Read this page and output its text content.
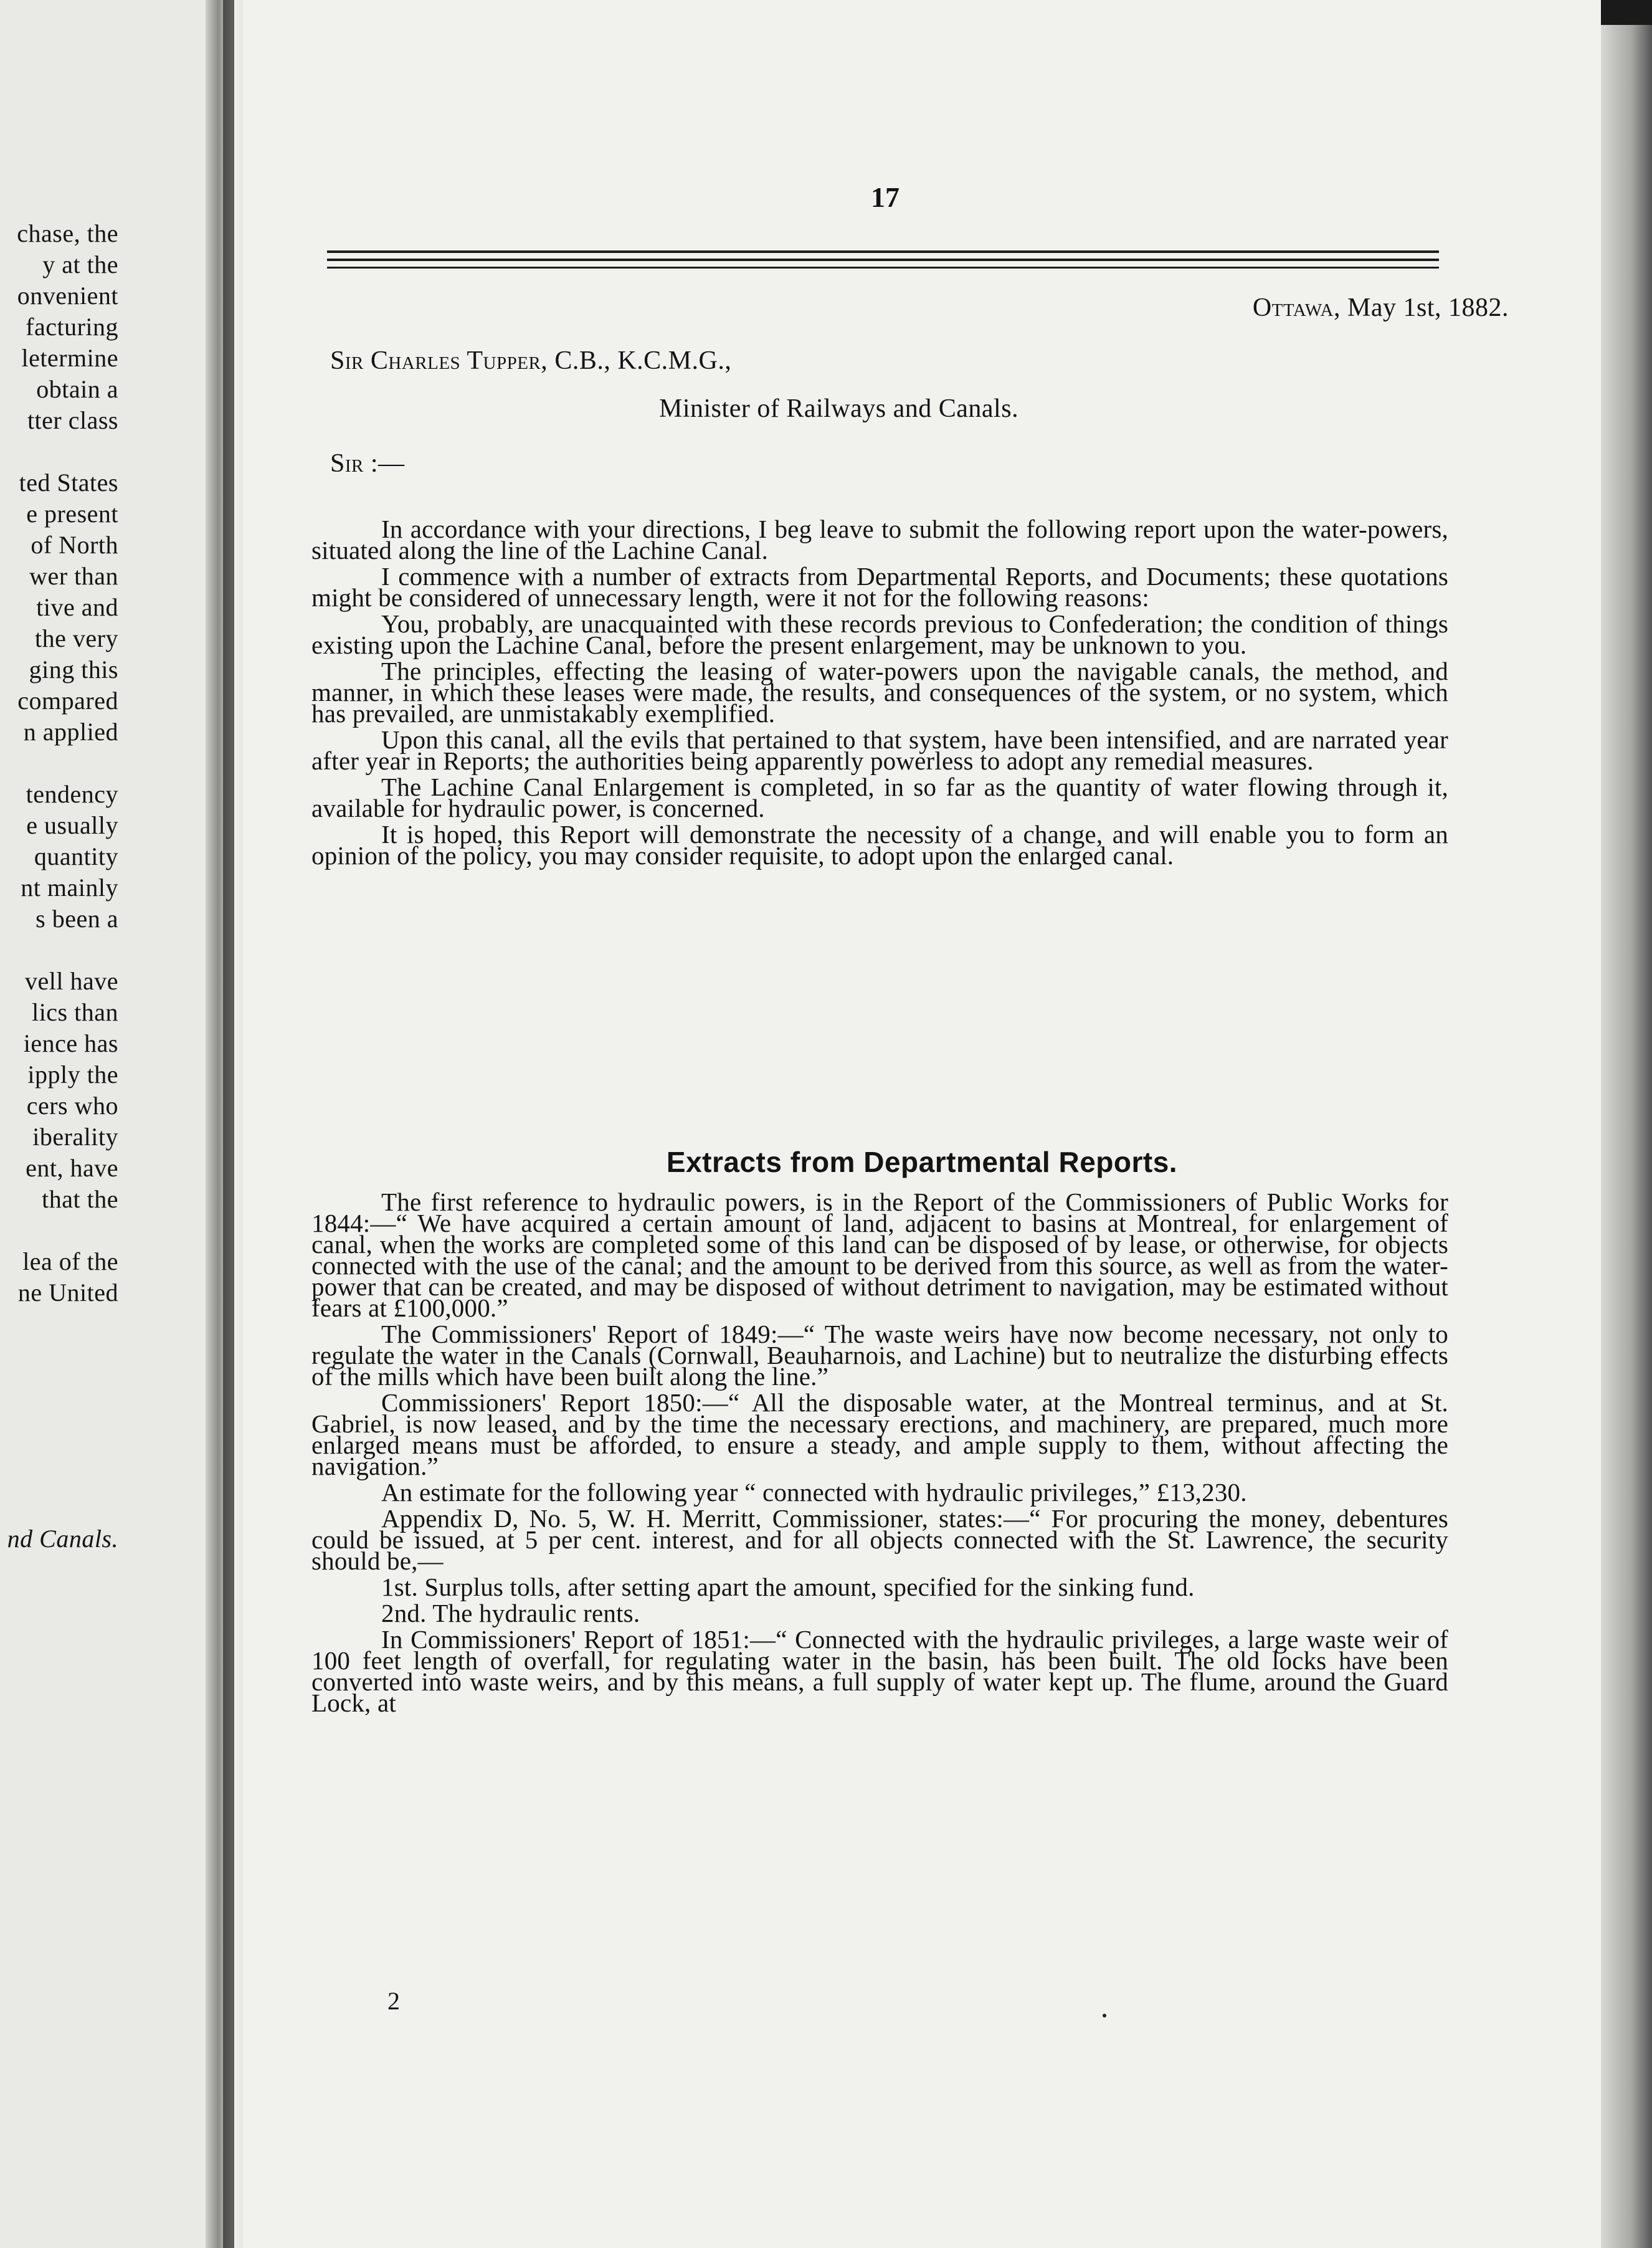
chase, the
y at the
onvenient
facturing
letermine
obtain a
tter class
ted States
e present
of North
wer than
tive and
the very
ging this
compared
n applied
tendency
e usually
quantity
nt mainly
s been a
vell have
lics than
ience has
ipply the
cers who
iberality
ent, have
that the
lea of the
ne United
nd Canals.
17
Ottawa, May 1st, 1882.
Sir Charles Tupper, C.B., K.C.M.G.,
Minister of Railways and Canals.
Sir :—

In accordance with your directions, I beg leave to submit the following report upon the water-powers, situated along the line of the Lachine Canal.

I commence with a number of extracts from Departmental Reports, and Documents; these quotations might be considered of unnecessary length, were it not for the following reasons:

You, probably, are unacquainted with these records previous to Confederation; the condition of things existing upon the Lachine Canal, before the present enlargement, may be unknown to you.

The principles, effecting the leasing of water-powers upon the navigable canals, the method, and manner, in which these leases were made, the results, and consequences of the system, or no system, which has prevailed, are unmistakably exemplified.

Upon this canal, all the evils that pertained to that system, have been intensified, and are narrated year after year in Reports; the authorities being apparently powerless to adopt any remedial measures.

The Lachine Canal Enlargement is completed, in so far as the quantity of water flowing through it, available for hydraulic power, is concerned.

It is hoped, this Report will demonstrate the necessity of a change, and will enable you to form an opinion of the policy, you may consider requisite, to adopt upon the enlarged canal.

Extracts from Departmental Reports.

The first reference to hydraulic powers, is in the Report of the Commissioners of Public Works for 1844:—“ We have acquired a certain amount of land, adjacent to basins at Montreal, for enlargement of canal, when the works are completed some of this land can be disposed of by lease, or otherwise, for objects connected with the use of the canal; and the amount to be derived from this source, as well as from the water-power that can be created, and may be disposed of without detriment to navigation, may be estimated without fears at £100,000.”

The Commissioners' Report of 1849:—“ The waste weirs have now become necessary, not only to regulate the water in the Canals (Cornwall, Beauharnois, and Lachine) but to neutralize the disturbing effects of the mills which have been built along the line.”

Commissioners' Report 1850:—“ All the disposable water, at the Montreal terminus, and at St. Gabriel, is now leased, and by the time the necessary erections, and machinery, are prepared, much more enlarged means must be afforded, to ensure a steady, and ample supply to them, without affecting the navigation.”

An estimate for the following year “ connected with hydraulic privileges,” £13,230.

Appendix D, No. 5, W. H. Merritt, Commissioner, states:—“ For procuring the money, debentures could be issued, at 5 per cent. interest, and for all objects connected with the St. Lawrence, the security should be,—

1st. Surplus tolls, after setting apart the amount, specified for the sinking fund.

2nd. The hydraulic rents.

In Commissioners' Report of 1851:—“ Connected with the hydraulic privileges, a large waste weir of 100 feet length of overfall, for regulating water in the basin, has been built. The old locks have been converted into waste weirs, and by this means, a full supply of water kept up. The flume, around the Guard Lock, at

2
